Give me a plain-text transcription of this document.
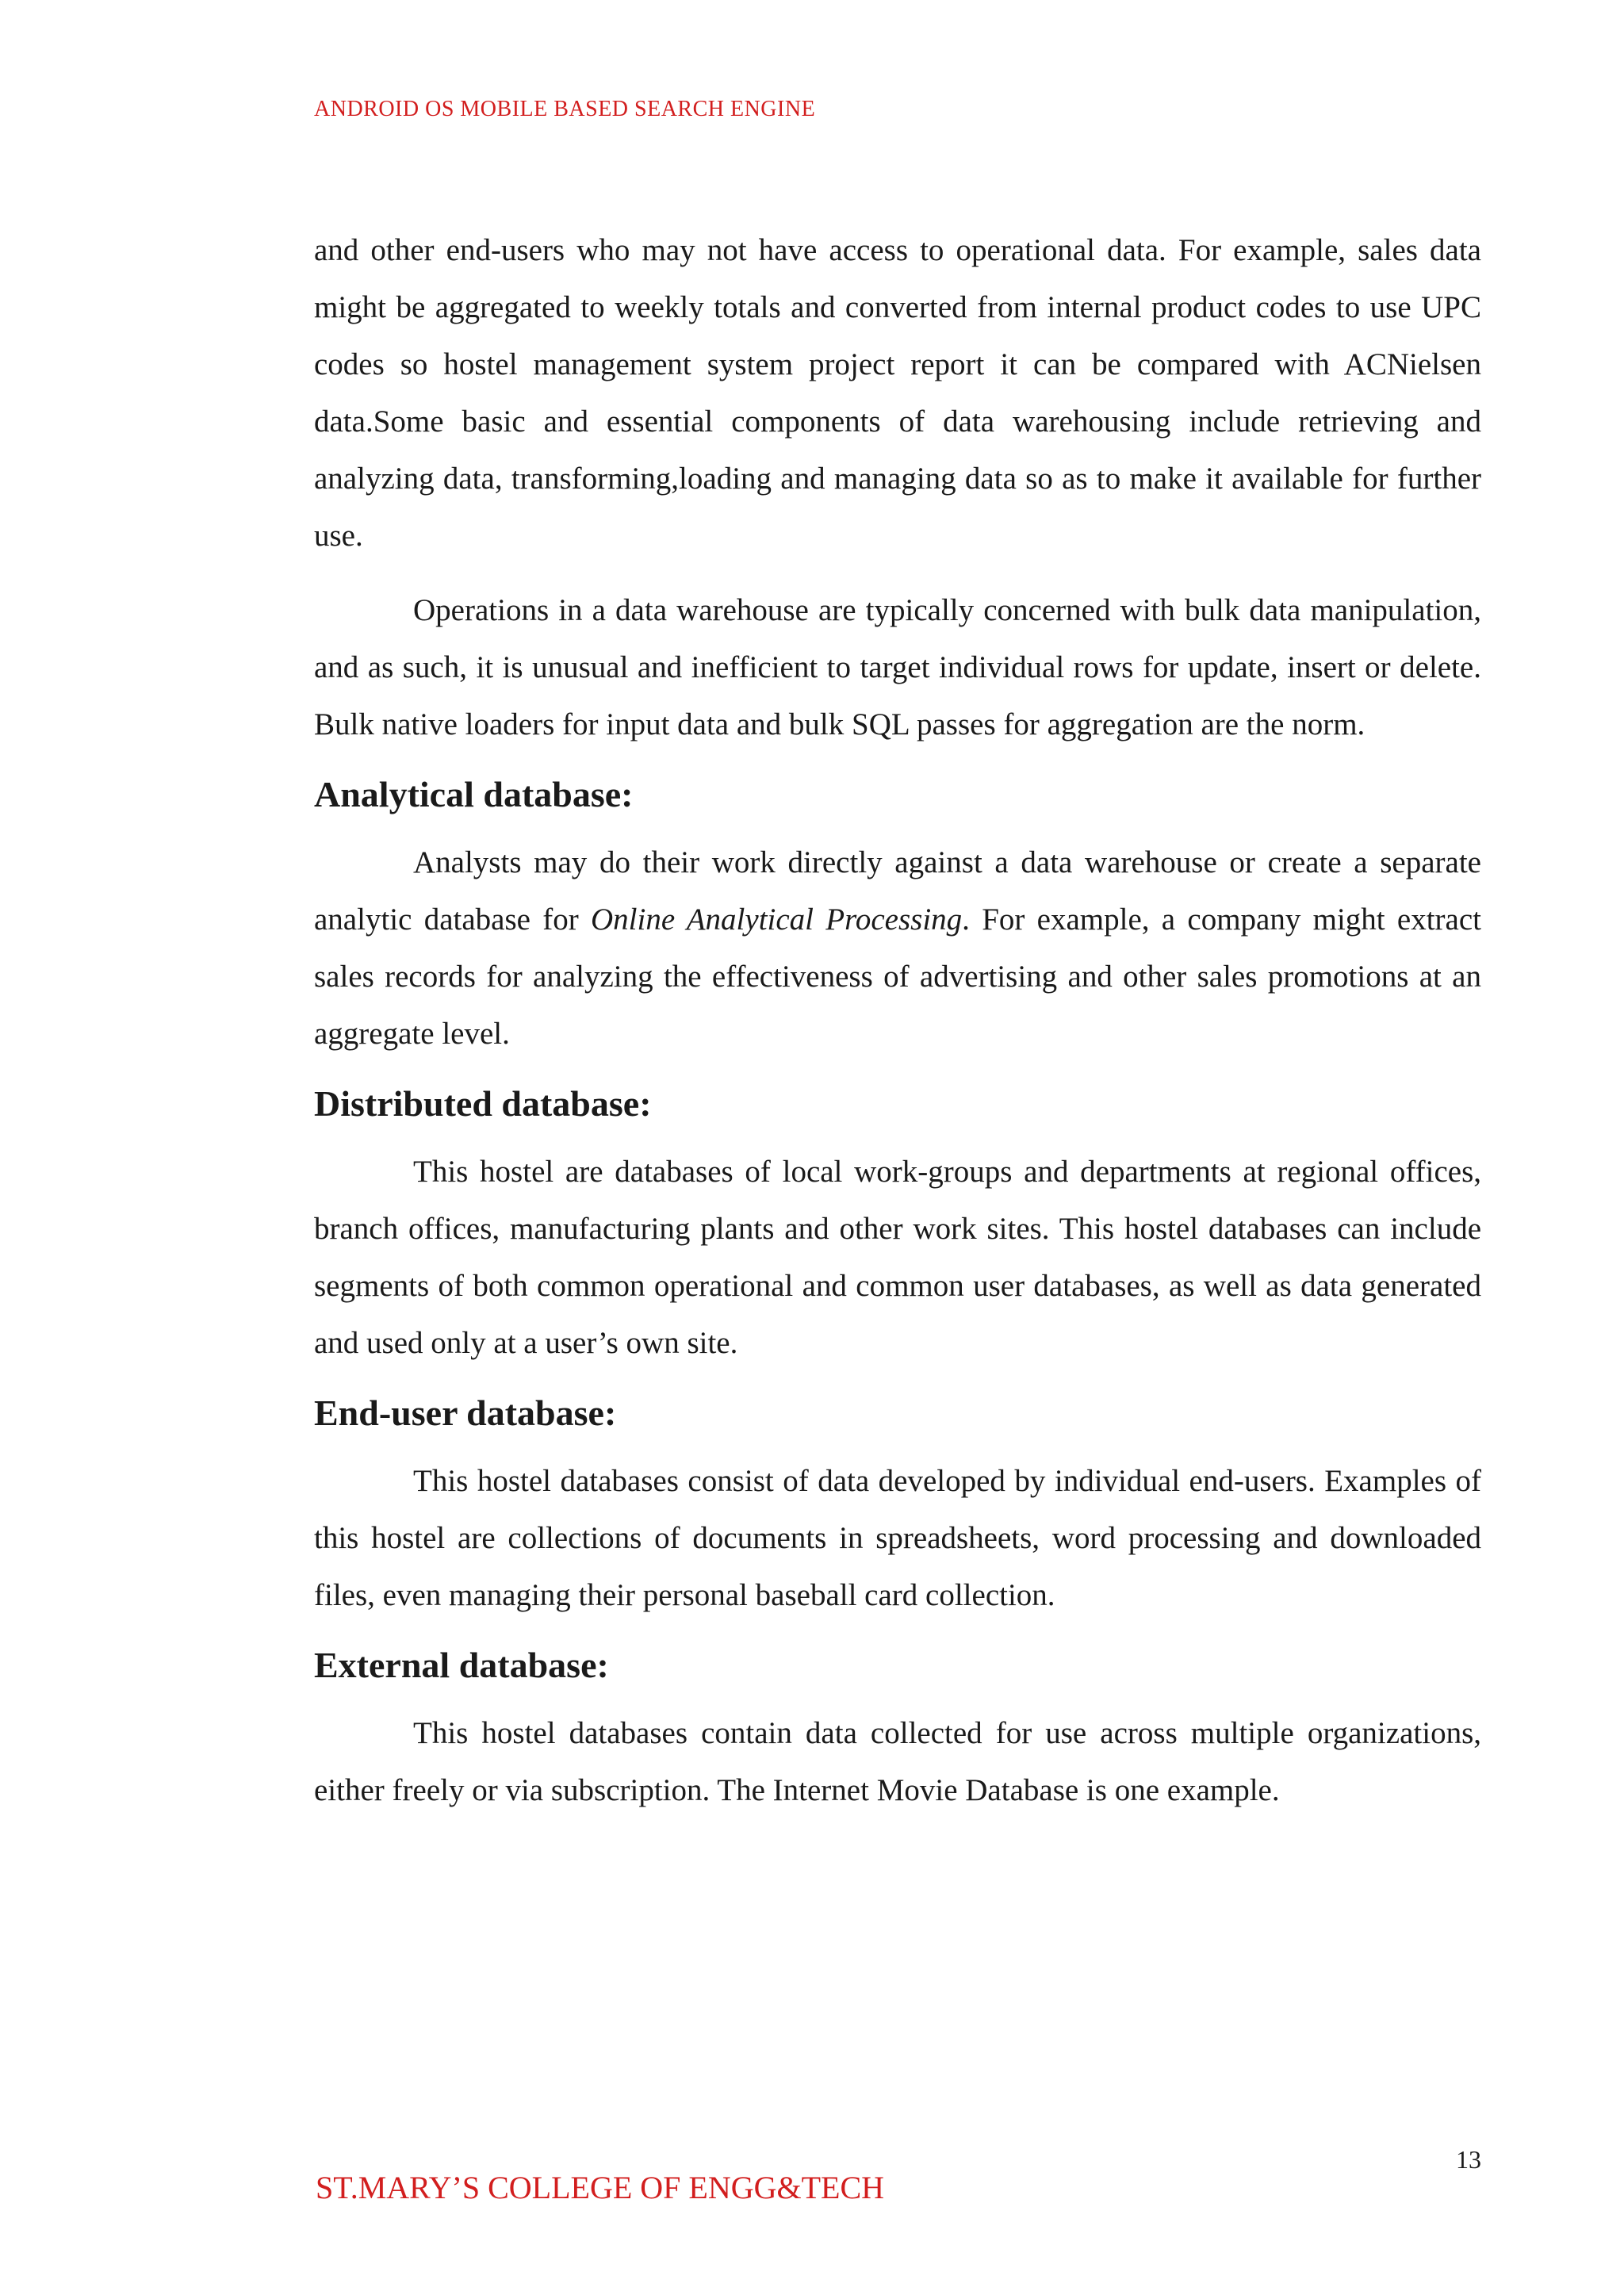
ANDROID OS MOBILE BASED SEARCH ENGINE

and other end-users who may not have access to operational data. For example, sales data might be aggregated to weekly totals and converted from internal product codes to use UPC codes so hostel management system project report it can be compared with ACNielsen data.Some basic and essential components of data warehousing include retrieving and analyzing data, transforming,loading and managing data so as to make it available for further use.

Operations in a data warehouse are typically concerned with bulk data manipulation, and as such, it is unusual and inefficient to target individual rows for update, insert or delete. Bulk native loaders for input data and bulk SQL passes for aggregation are the norm.

Analytical database:

Analysts may do their work directly against a data warehouse or create a separate analytic database for Online Analytical Processing. For example, a company might extract sales records for analyzing the effectiveness of advertising and other sales promotions at an aggregate level.

Distributed database:

This hostel are databases of local work-groups and departments at regional offices, branch offices, manufacturing plants and other work sites. This hostel databases can include segments of both common operational and common user databases, as well as data generated and used only at a user’s own site.

End-user database:

This hostel databases consist of data developed by individual end-users. Examples of this hostel are collections of documents in spreadsheets, word processing and downloaded files, even managing their personal baseball card collection.

External database:

This hostel databases contain data collected for use across multiple organizations, either freely or via subscription. The Internet Movie Database is one example.

13
ST.MARY’S COLLEGE OF ENGG&TECH
